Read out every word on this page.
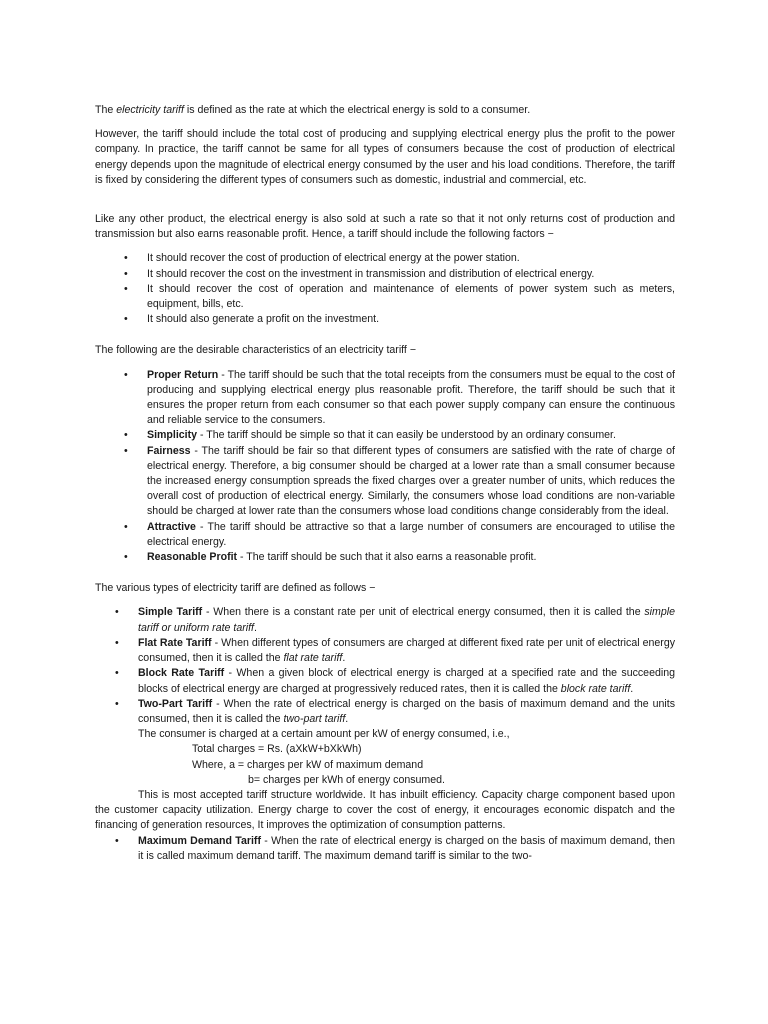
The electricity tariff is defined as the rate at which the electrical energy is sold to a consumer.

However, the tariff should include the total cost of producing and supplying electrical energy plus the profit to the power company. In practice, the tariff cannot be same for all types of consumers because the cost of production of electrical energy depends upon the magnitude of electrical energy consumed by the user and his load conditions. Therefore, the tariff is fixed by considering the different types of consumers such as domestic, industrial and commercial, etc.

Like any other product, the electrical energy is also sold at such a rate so that it not only returns cost of production and transmission but also earns reasonable profit. Hence, a tariff should include the following factors −

• It should recover the cost of production of electrical energy at the power station.
• It should recover the cost on the investment in transmission and distribution of electrical energy.
• It should recover the cost of operation and maintenance of elements of power system such as meters, equipment, bills, etc.
• It should also generate a profit on the investment.

The following are the desirable characteristics of an electricity tariff −

• Proper Return - The tariff should be such that the total receipts from the consumers must be equal to the cost of producing and supplying electrical energy plus reasonable profit. Therefore, the tariff should be such that it ensures the proper return from each consumer so that each power supply company can ensure the continuous and reliable service to the consumers.
• Simplicity - The tariff should be simple so that it can easily be understood by an ordinary consumer.
• Fairness - The tariff should be fair so that different types of consumers are satisfied with the rate of charge of electrical energy. Therefore, a big consumer should be charged at a lower rate than a small consumer because the increased energy consumption spreads the fixed charges over a greater number of units, which reduces the overall cost of production of electrical energy. Similarly, the consumers whose load conditions are non-variable should be charged at lower rate than the consumers whose load conditions change considerably from the ideal.
• Attractive - The tariff should be attractive so that a large number of consumers are encouraged to utilise the electrical energy.
• Reasonable Profit - The tariff should be such that it also earns a reasonable profit.

The various types of electricity tariff are defined as follows −

• Simple Tariff - When there is a constant rate per unit of electrical energy consumed, then it is called the simple tariff or uniform rate tariff.
• Flat Rate Tariff - When different types of consumers are charged at different fixed rate per unit of electrical energy consumed, then it is called the flat rate tariff.
• Block Rate Tariff - When a given block of electrical energy is charged at a specified rate and the succeeding blocks of electrical energy are charged at progressively reduced rates, then it is called the block rate tariff.
• Two-Part Tariff - When the rate of electrical energy is charged on the basis of maximum demand and the units consumed, then it is called the two-part tariff.
The consumer is charged at a certain amount per kW of energy consumed, i.e.,
Total charges = Rs. (aXkW+bXkWh)
Where, a = charges per kW of maximum demand
b= charges per kWh of energy consumed.

This is most accepted tariff structure worldwide. It has inbuilt efficiency. Capacity charge component based upon the customer capacity utilization. Energy charge to cover the cost of energy, it encourages economic dispatch and the financing of generation resources, It improves the optimization of consumption patterns.

• Maximum Demand Tariff - When the rate of electrical energy is charged on the basis of maximum demand, then it is called maximum demand tariff. The maximum demand tariff is similar to the two-
